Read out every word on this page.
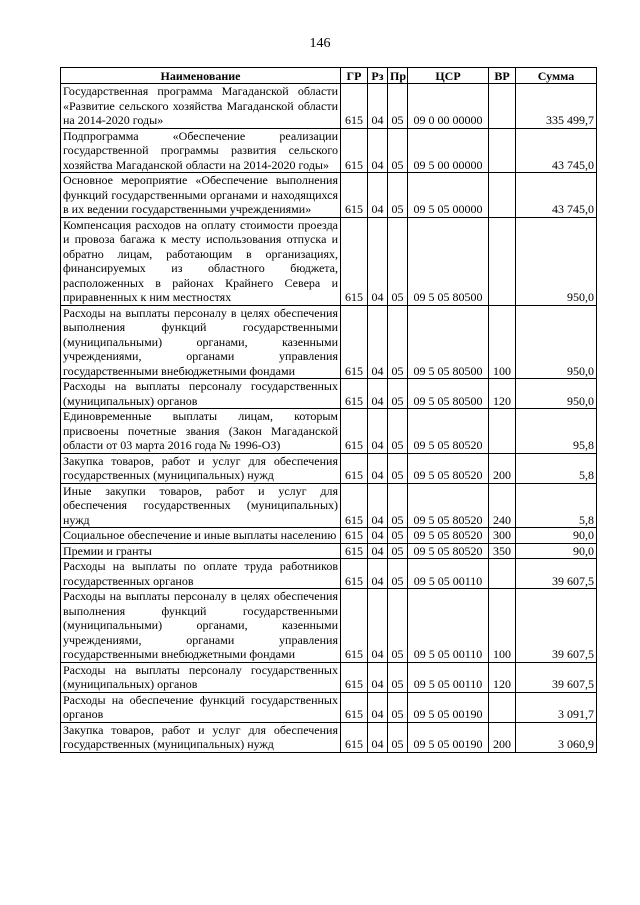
146
Наименование	ГР	Рз	Пр	ЦСР	ВР	Сумма
Государственная программа Магаданской области «Развитие сельского хозяйства Магаданской области на 2014-2020 годы»	615	04	05	09 0 00 00000		335 499,7
Подпрограмма «Обеспечение реализации государственной программы развития сельского хозяйства Магаданской области на 2014-2020 годы»	615	04	05	09 5 00 00000		43 745,0
Основное мероприятие «Обеспечение выполнения функций государственными органами и находящихся в их ведении государственными учреждениями»	615	04	05	09 5 05 00000		43 745,0
Компенсация расходов на оплату стоимости проезда и провоза багажа к месту использования отпуска и обратно лицам, работающим в организациях, финансируемых из областного бюджета, расположенных в районах Крайнего Севера и приравненных к ним местностях	615	04	05	09 5 05 80500		950,0
Расходы на выплаты персоналу в целях обеспечения выполнения функций государственными (муниципальными) органами, казенными учреждениями, органами управления государственными внебюджетными фондами	615	04	05	09 5 05 80500	100	950,0
Расходы на выплаты персоналу государственных (муниципальных) органов	615	04	05	09 5 05 80500	120	950,0
Единовременные выплаты лицам, которым присвоены почетные звания (Закон Магаданской области от 03 марта 2016 года № 1996-ОЗ)	615	04	05	09 5 05 80520		95,8
Закупка товаров, работ и услуг для обеспечения государственных (муниципальных) нужд	615	04	05	09 5 05 80520	200	5,8
Иные закупки товаров, работ и услуг для обеспечения государственных (муниципальных) нужд	615	04	05	09 5 05 80520	240	5,8
Социальное обеспечение и иные выплаты населению	615	04	05	09 5 05 80520	300	90,0
Премии и гранты	615	04	05	09 5 05 80520	350	90,0
Расходы на выплаты по оплате труда работников государственных органов	615	04	05	09 5 05 00110		39 607,5
Расходы на выплаты персоналу в целях обеспечения выполнения функций государственными (муниципальными) органами, казенными учреждениями, органами управления государственными внебюджетными фондами	615	04	05	09 5 05 00110	100	39 607,5
Расходы на выплаты персоналу государственных (муниципальных) органов	615	04	05	09 5 05 00110	120	39 607,5
Расходы на обеспечение функций государственных органов	615	04	05	09 5 05 00190		3 091,7
Закупка товаров, работ и услуг для обеспечения государственных (муниципальных) нужд	615	04	05	09 5 05 00190	200	3 060,9
